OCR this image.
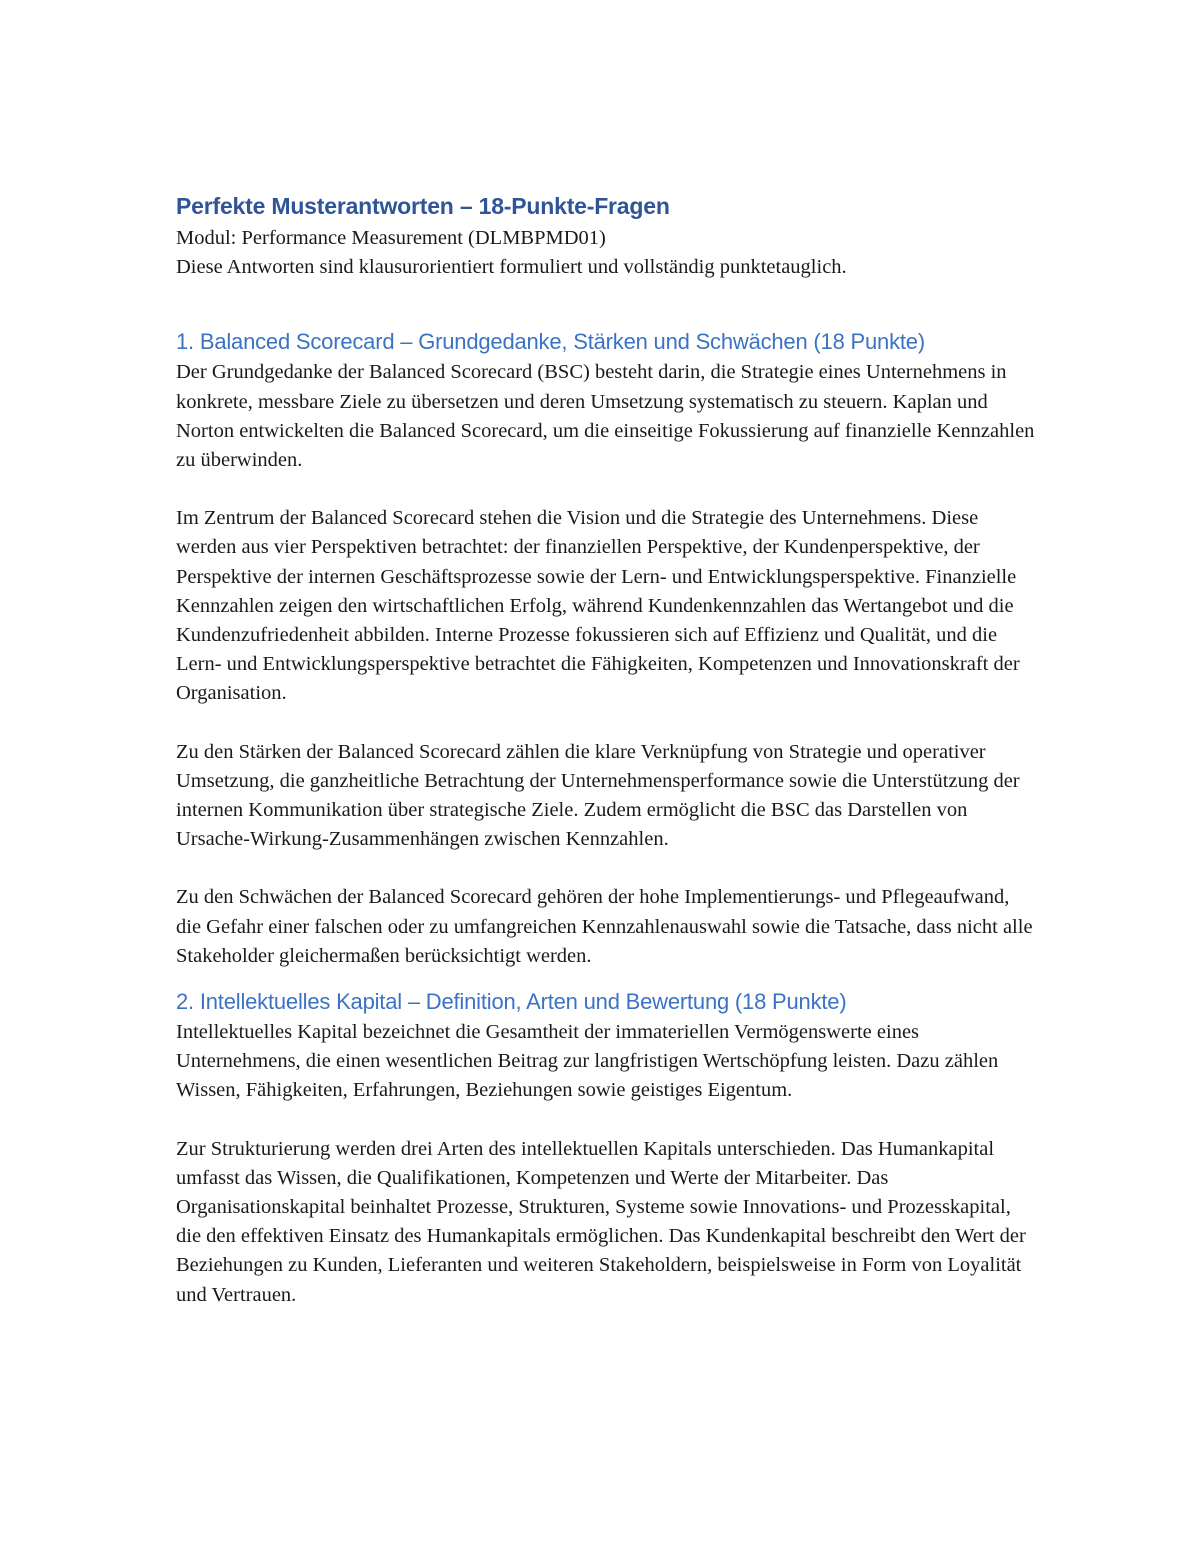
Perfekte Musterantworten – 18-Punkte-Fragen

Modul: Performance Measurement (DLMBPMD01)

Diese Antworten sind klausurorientiert formuliert und vollständig punktetauglich.

1. Balanced Scorecard – Grundgedanke, Stärken und Schwächen (18 Punkte)

Der Grundgedanke der Balanced Scorecard (BSC) besteht darin, die Strategie eines Unternehmens in konkrete, messbare Ziele zu übersetzen und deren Umsetzung systematisch zu steuern. Kaplan und Norton entwickelten die Balanced Scorecard, um die einseitige Fokussierung auf finanzielle Kennzahlen zu überwinden.

Im Zentrum der Balanced Scorecard stehen die Vision und die Strategie des Unternehmens. Diese werden aus vier Perspektiven betrachtet: der finanziellen Perspektive, der Kundenperspektive, der Perspektive der internen Geschäftsprozesse sowie der Lern- und Entwicklungsperspektive. Finanzielle Kennzahlen zeigen den wirtschaftlichen Erfolg, während Kundenkennzahlen das Wertangebot und die Kundenzufriedenheit abbilden. Interne Prozesse fokussieren sich auf Effizienz und Qualität, und die Lern- und Entwicklungsperspektive betrachtet die Fähigkeiten, Kompetenzen und Innovationskraft der Organisation.

Zu den Stärken der Balanced Scorecard zählen die klare Verknüpfung von Strategie und operativer Umsetzung, die ganzheitliche Betrachtung der Unternehmensperformance sowie die Unterstützung der internen Kommunikation über strategische Ziele. Zudem ermöglicht die BSC das Darstellen von Ursache-Wirkung-Zusammenhängen zwischen Kennzahlen.

Zu den Schwächen der Balanced Scorecard gehören der hohe Implementierungs- und Pflegeaufwand, die Gefahr einer falschen oder zu umfangreichen Kennzahlenauswahl sowie die Tatsache, dass nicht alle Stakeholder gleichermaßen berücksichtigt werden.

2. Intellektuelles Kapital – Definition, Arten und Bewertung (18 Punkte)

Intellektuelles Kapital bezeichnet die Gesamtheit der immateriellen Vermögenswerte eines Unternehmens, die einen wesentlichen Beitrag zur langfristigen Wertschöpfung leisten. Dazu zählen Wissen, Fähigkeiten, Erfahrungen, Beziehungen sowie geistiges Eigentum.

Zur Strukturierung werden drei Arten des intellektuellen Kapitals unterschieden. Das Humankapital umfasst das Wissen, die Qualifikationen, Kompetenzen und Werte der Mitarbeiter. Das Organisationskapital beinhaltet Prozesse, Strukturen, Systeme sowie Innovations- und Prozesskapital, die den effektiven Einsatz des Humankapitals ermöglichen. Das Kundenkapital beschreibt den Wert der Beziehungen zu Kunden, Lieferanten und weiteren Stakeholdern, beispielsweise in Form von Loyalität und Vertrauen.
